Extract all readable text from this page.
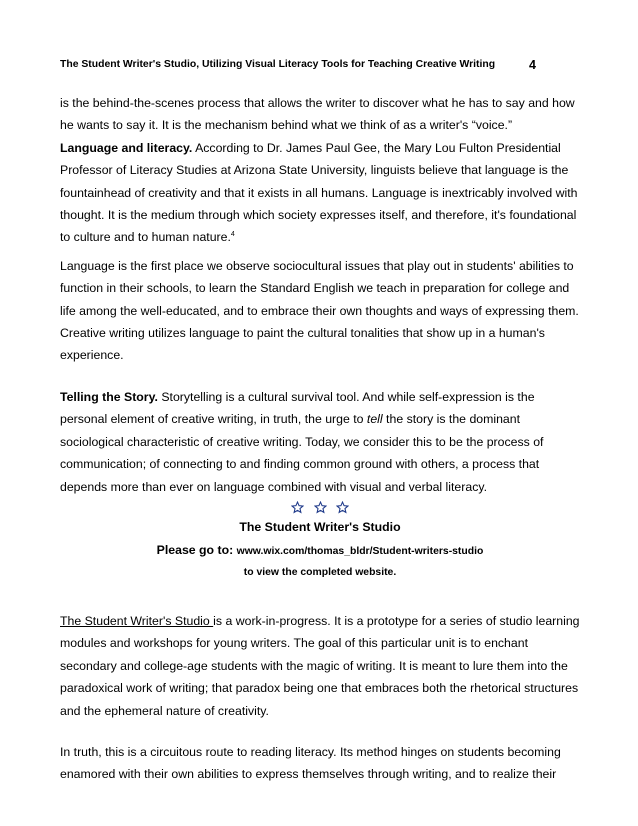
The Student Writer's Studio, Utilizing Visual Literacy Tools for Teaching Creative Writing	4

is the behind-the-scenes process that allows the writer to discover what he has to say and how he wants to say it. It is the mechanism behind what we think of as a writer's “voice.”

Language and literacy. According to Dr. James Paul Gee, the Mary Lou Fulton Presidential Professor of Literacy Studies at Arizona State University, linguists believe that language is the fountainhead of creativity and that it exists in all humans. Language is inextricably involved with thought. It is the medium through which society expresses itself, and therefore, it's foundational to culture and to human nature.$^4$

Language is the first place we observe sociocultural issues that play out in students' abilities to function in their schools, to learn the Standard English we teach in preparation for college and life among the well-educated, and to embrace their own thoughts and ways of expressing them. Creative writing utilizes language to paint the cultural tonalities that show up in a human's experience.

Telling the Story. Storytelling is a cultural survival tool. And while self-expression is the personal element of creative writing, in truth, the urge to tell the story is the dominant sociological characteristic of creative writing. Today, we consider this to be the process of communication; of connecting to and finding common ground with others, a process that depends more than ever on language combined with visual and verbal literacy.

The Student Writer's Studio
Please go to: www.wix.com/thomas_bldr/Student-writers-studio
to view the completed website.

The Student Writer's Studio is a work-in-progress. It is a prototype for a series of studio learning modules and workshops for young writers. The goal of this particular unit is to enchant secondary and college-age students with the magic of writing. It is meant to lure them into the paradoxical work of writing; that paradox being one that embraces both the rhetorical structures and the ephemeral nature of creativity.

In truth, this is a circuitous route to reading literacy. Its method hinges on students becoming enamored with their own abilities to express themselves through writing, and to realize their
